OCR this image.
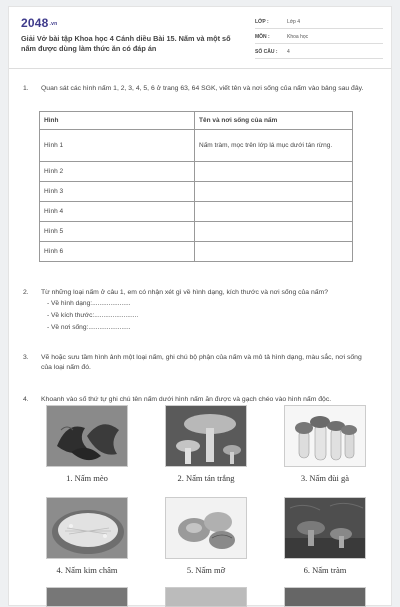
2048.vn
Giải Vở bài tập Khoa học 4 Cánh diều Bài 15. Nấm và một số nấm được dùng làm thức ăn có đáp án
LỚP :	Lớp 4
MÔN :	Khoa học
SỐ CÂU : 4
1. Quan sát các hình nấm 1, 2, 3, 4, 5, 6 ở trang 63, 64 SGK, viết tên và nơi sống của nấm vào bảng sau đây.
Hình	Tên và nơi sống của nấm
Hình 1	Nấm tràm, mọc trên lớp lá mục dưới tán rừng.
Hình 2	
Hình 3	
Hình 4	
Hình 5	
Hình 6	
2. Từ những loại nấm ở câu 1, em có nhận xét gì về hình dạng, kích thước và nơi sống của nấm?
- Về hình dạng:.....................
- Về kích thước:........................
- Về nơi sống:.......................
3. Vẽ hoặc sưu tầm hình ảnh một loại nấm, ghi chú bộ phận của nấm và mô tả hình dạng, màu sắc, nơi sống của loại nấm đó.
4. Khoanh vào số thứ tự ghi chú tên nấm dưới hình nấm ăn được và gạch chéo vào hình nấm độc.
1. Nấm mèo	2. Nấm tán trắng	3. Nấm đùi gà
4. Nấm kim châm	5. Nấm mỡ	6. Nấm tràm
